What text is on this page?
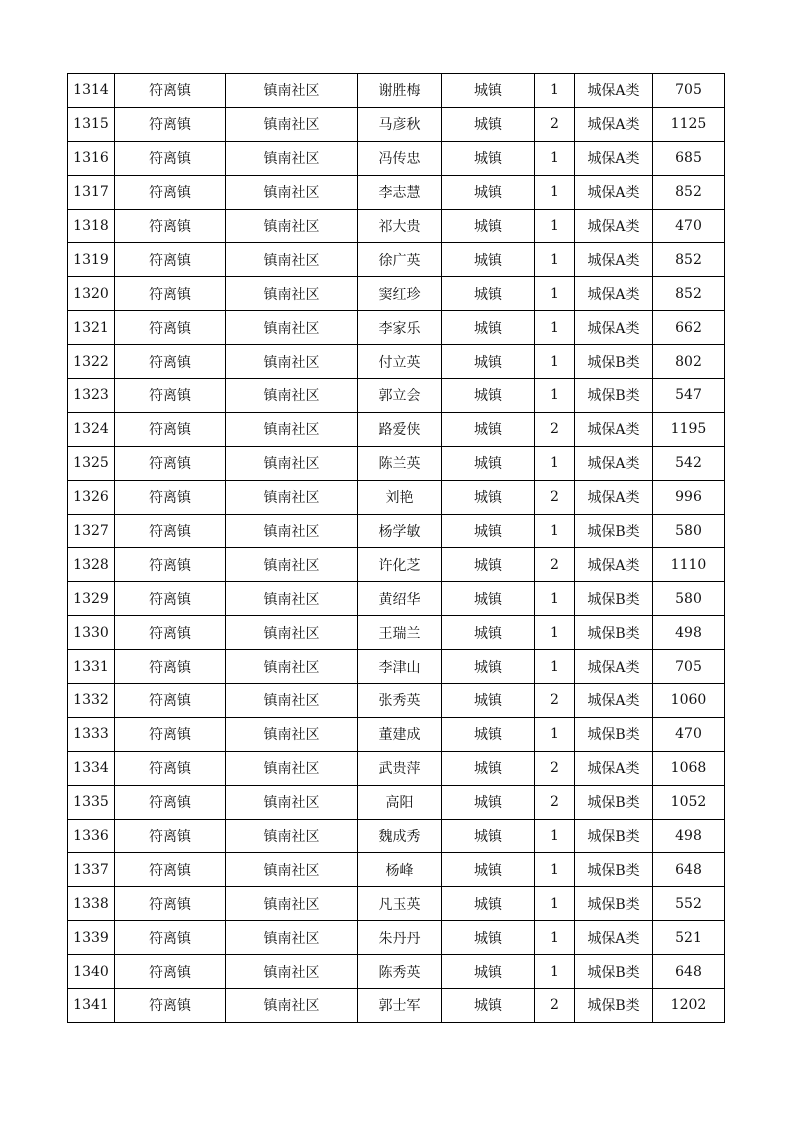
1314	符离镇	镇南社区	谢胜梅	城镇	1	城保A类	705
1315	符离镇	镇南社区	马彦秋	城镇	2	城保A类	1125
1316	符离镇	镇南社区	冯传忠	城镇	1	城保A类	685
1317	符离镇	镇南社区	李志慧	城镇	1	城保A类	852
1318	符离镇	镇南社区	祁大贵	城镇	1	城保A类	470
1319	符离镇	镇南社区	徐广英	城镇	1	城保A类	852
1320	符离镇	镇南社区	窦红珍	城镇	1	城保A类	852
1321	符离镇	镇南社区	李家乐	城镇	1	城保A类	662
1322	符离镇	镇南社区	付立英	城镇	1	城保B类	802
1323	符离镇	镇南社区	郭立会	城镇	1	城保B类	547
1324	符离镇	镇南社区	路爱侠	城镇	2	城保A类	1195
1325	符离镇	镇南社区	陈兰英	城镇	1	城保A类	542
1326	符离镇	镇南社区	刘艳	城镇	2	城保A类	996
1327	符离镇	镇南社区	杨学敏	城镇	1	城保B类	580
1328	符离镇	镇南社区	许化芝	城镇	2	城保A类	1110
1329	符离镇	镇南社区	黄绍华	城镇	1	城保B类	580
1330	符离镇	镇南社区	王瑞兰	城镇	1	城保B类	498
1331	符离镇	镇南社区	李津山	城镇	1	城保A类	705
1332	符离镇	镇南社区	张秀英	城镇	2	城保A类	1060
1333	符离镇	镇南社区	董建成	城镇	1	城保B类	470
1334	符离镇	镇南社区	武贵萍	城镇	2	城保A类	1068
1335	符离镇	镇南社区	高阳	城镇	2	城保B类	1052
1336	符离镇	镇南社区	魏成秀	城镇	1	城保B类	498
1337	符离镇	镇南社区	杨峰	城镇	1	城保B类	648
1338	符离镇	镇南社区	凡玉英	城镇	1	城保B类	552
1339	符离镇	镇南社区	朱丹丹	城镇	1	城保A类	521
1340	符离镇	镇南社区	陈秀英	城镇	1	城保B类	648
1341	符离镇	镇南社区	郭士军	城镇	2	城保B类	1202
